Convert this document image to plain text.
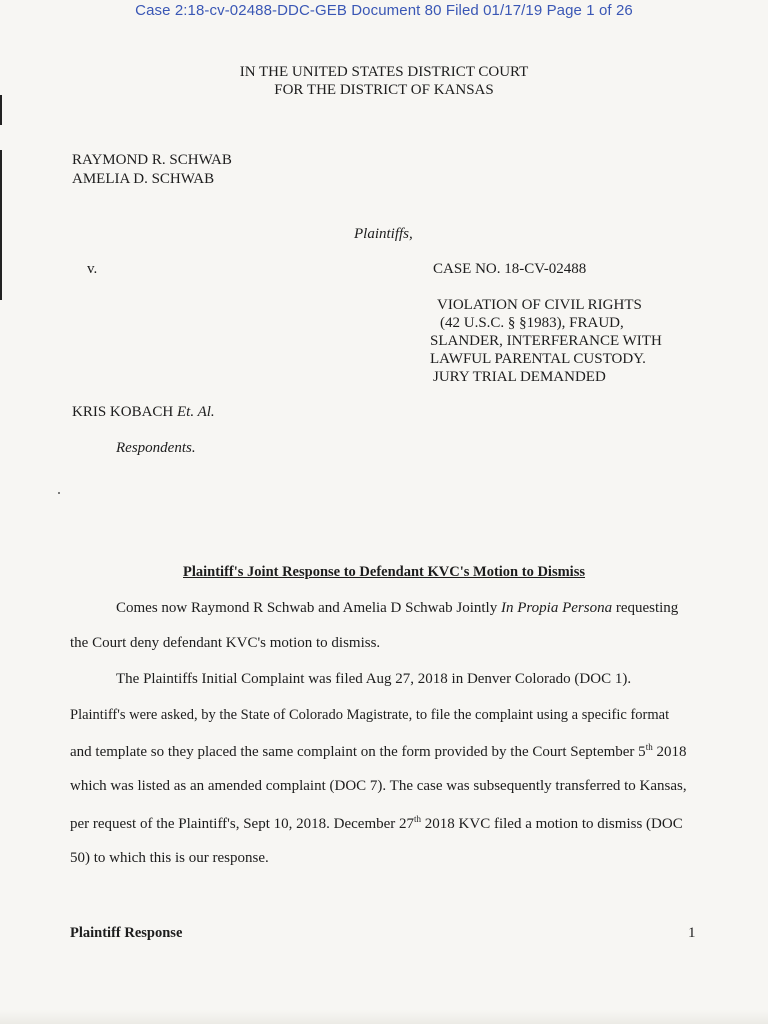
Case 2:18-cv-02488-DDC-GEB Document 80 Filed 01/17/19 Page 1 of 26
IN THE UNITED STATES DISTRICT COURT
FOR THE DISTRICT OF KANSAS
RAYMOND R. SCHWAB
AMELIA D. SCHWAB
Plaintiffs,
v.	CASE NO. 18-CV-02488
VIOLATION OF CIVIL RIGHTS
(42 U.S.C. § §1983), FRAUD,
SLANDER, INTERFERANCE WITH
LAWFUL PARENTAL CUSTODY.
JURY TRIAL DEMANDED
KRIS KOBACH Et. Al.
Respondents.
Plaintiff's Joint Response to Defendant KVC's Motion to Dismiss
Comes now Raymond R Schwab and Amelia D Schwab Jointly In Propia Persona requesting
the Court deny defendant KVC's motion to dismiss.
The Plaintiffs Initial Complaint was filed Aug 27, 2018 in Denver Colorado (DOC 1).
Plaintiff's were asked, by the State of Colorado Magistrate, to file the complaint using a specific format
and template so they placed the same complaint on the form provided by the Court September 5th 2018
which was listed as an amended complaint (DOC 7). The case was subsequently transferred to Kansas,
per request of the Plaintiff's, Sept 10, 2018. December 27th 2018 KVC filed a motion to dismiss (DOC
50) to which this is our response.
Plaintiff Response	1
